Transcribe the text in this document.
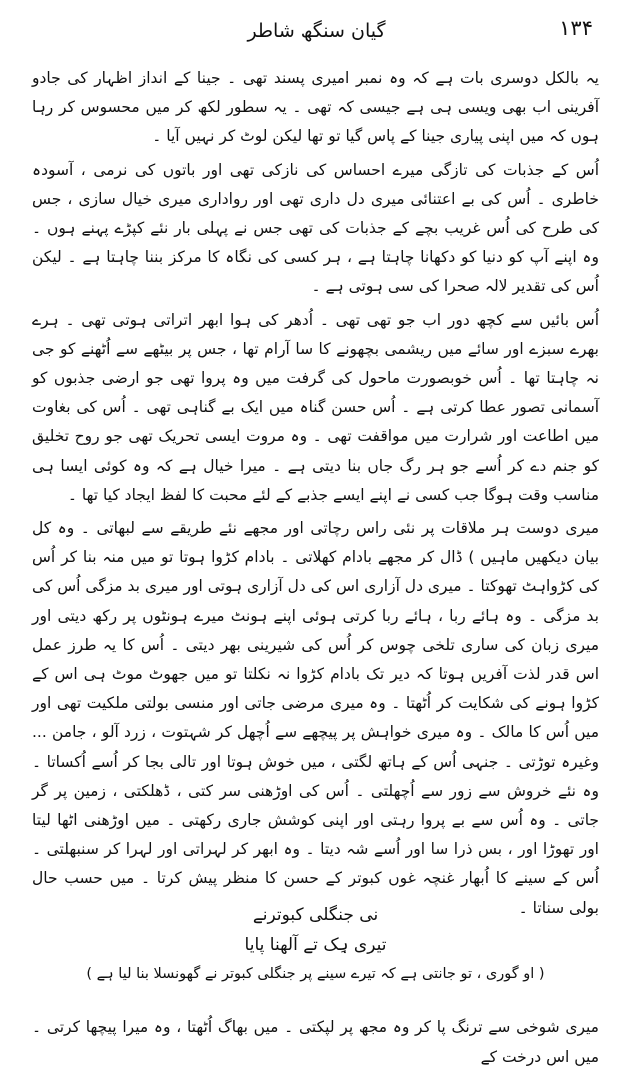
گیان سنگھ شاطر	۱۳۴

یہ بالکل دوسری بات ہے کہ وہ نمبر امیری پسند تھی ۔ جینا کے انداز اظہار کی جادو آفرینی اب بھی ویسی ہی ہے جیسی کہ تھی ۔ یہ سطور لکھ کر میں محسوس کر رہا ہوں کہ میں اپنی پیاری جینا کے پاس گیا تو تھا لیکن لوٹ کر نہیں آیا ۔

اُس کے جذبات کی تازگی میرے احساس کی نازکی تھی اور باتوں کی نرمی ، آسودہ خاطری ۔ اُس کی بے اعتنائی میری دل داری تھی اور رواداری میری خیال سازی ، جس کی طرح کی اُس غریب بچے کے جذبات کی تھی جس نے پہلی بار نئے کپڑے پہنے ہوں ۔ وہ اپنے آپ کو دنیا کو دکھانا چاہتا ہے ، ہر کسی کی نگاہ کا مرکز بننا چاہتا ہے ۔ لیکن اُس کی تقدیر لالہ صحرا کی سی ہوتی ہے ۔

اُس بائیں سے کچھ دور اب جو تھی تھی ۔ اُدھر کی ہوا ابھر اتراتی ہوتی تھی ۔ ہرے بھرے سبزے اور سائے میں ریشمی بچھونے کا سا آرام تھا ، جس پر بیٹھے سے اُٹھنے کو جی نہ چاہتا تھا ۔ اُس خوبصورت ماحول کی گرفت میں وہ پروا تھی جو ارضی جذبوں کو آسمانی تصور عطا کرتی ہے ۔ اُس حسن گناہ میں ایک بے گناہی تھی ۔ اُس کی بغاوت میں اطاعت اور شرارت میں مواقفت تھی ۔ وہ مروت ایسی تحریک تھی جو روح تخلیق کو جنم دے کر اُسے جو ہر رگ جاں بنا دیتی ہے ۔ میرا خیال ہے کہ وہ کوئی ایسا ہی مناسب وقت ہوگا جب کسی نے اپنے ایسے جذبے کے لئے محبت کا لفظ ایجاد کیا تھا ۔

میری دوست ہر ملاقات پر نئی راس رچاتی اور مجھے نئے طریقے سے لبھاتی ۔ وہ کل بیان دیکھیں ماہیں ) ڈال کر مجھے بادام کھلاتی ۔ بادام کڑوا ہوتا تو میں منہ بنا کر اُس کی کڑواہٹ تھوکتا ۔ میری دل آزاری اس کی دل آزاری ہوتی اور میری بد مزگی اُس کی بد مزگی ۔ وہ ہائے ربا ، ہائے ربا کرتی ہوئی اپنے ہونٹ میرے ہونٹوں پر رکھ دیتی اور میری زبان کی ساری تلخی چوس کر اُس کی شیرینی بھر دیتی ۔ اُس کا یہ طرز عمل اس قدر لذت آفریں ہوتا کہ دیر تک بادام کڑوا نہ نکلتا تو میں جھوٹ موٹ ہی اس کے کڑوا ہونے کی شکایت کر اُٹھتا ۔ وہ میری مرضی جاتی اور منسی بولتی ملکیت تھی اور میں اُس کا مالک ۔ وہ میری خواہش پر پیچھے سے اُچھل کر شہتوت ، زرد آلو ، جامن ... وغیرہ توڑتی ۔ جنہی اُس کے ہاتھ لگتی ، میں خوش ہوتا اور تالی بجا کر اُسے اُکساتا ۔ وہ نئے خروش سے زور سے اُچھلتی ۔ اُس کی اوڑھنی سر کتی ، ڈھلکتی ، زمین پر گر جاتی ۔ وہ اُس سے بے پروا رہتی اور اپنی کوشش جاری رکھتی ۔ میں اوڑھنی اٹھا لیتا اور تھوڑا اور ، بس ذرا سا اور اُسے شہ دیتا ۔ وہ ابھر کر لہراتی اور لہرا کر سنبھلتی ۔ اُس کے سینے کا اُبھار غنچہ غوں کبوتر کے حسن کا منظر پیش کرتا ۔ میں حسب حال بولی سناتا ۔

نی جنگلی کبوترنے
تیری ہِک تے آلھنا پایا
( او گوری ، تو جانتی ہے کہ تیرے سینے پر جنگلی کبوتر نے گھونسلا بنا لیا ہے )
میری شوخی سے ترنگ پا کر وہ مجھ پر لپکتی ۔ میں بھاگ اُٹھتا ، وہ میرا پیچھا کرتی ۔ میں اس درخت کے
